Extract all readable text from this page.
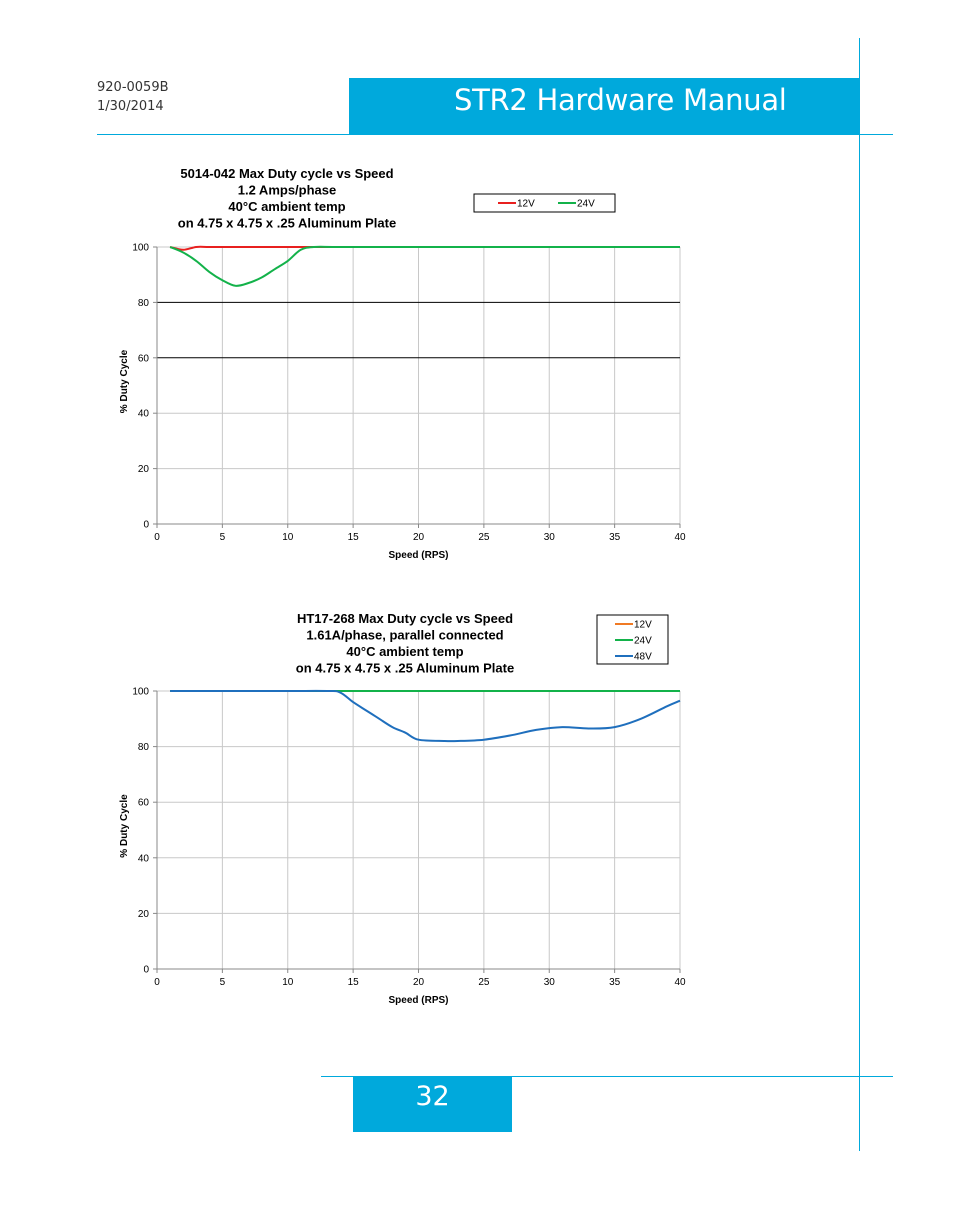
920-0059B
1/30/2014	STR2 Hardware Manual
5014-042 Max Duty cycle vs Speed
1.2 Amps/phase
40°C ambient temp
on 4.75 x 4.75 x .25 Aluminum Plate
0	5	10	15	20	25	30	35	40
0
20
40
60
80
100
Speed (RPS)
% Duty Cycle
12V	24V
HT17-268 Max Duty cycle vs Speed
1.61A/phase, parallel connected
40°C ambient temp
on 4.75 x 4.75 x .25 Aluminum Plate
0	5	10	15	20	25	30	35	40
0
20
40
60
80
100
Speed (RPS)
% Duty Cycle
12V
24V
48V
32
